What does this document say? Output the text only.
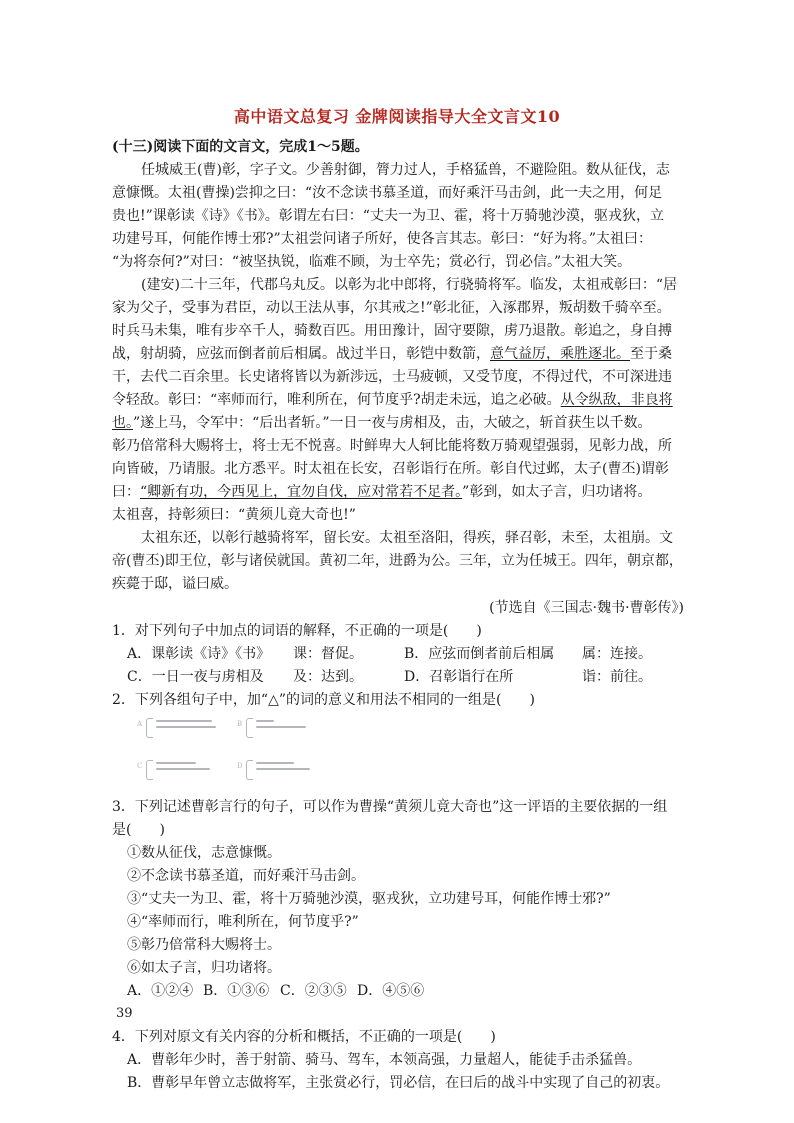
高中语文总复习 金牌阅读指导大全文言文10
(十三)阅读下面的文言文，完成1～5题。
任城威王(曹)彰，字子文。少善射御，膂力过人，手格猛兽，不避险阻。数从征伐，志
意慷慨。太祖(曹操)尝抑之曰：“汝不念读书慕圣道，而好乘汗马击剑，此一夫之用，何足
贵也!”课彰读《诗》《书》。彰谓左右曰：“丈夫一为卫、霍，将十万骑驰沙漠，驱戎狄，立
功建号耳，何能作博士邪?”太祖尝问诸子所好，使各言其志。彰曰：“好为将。”太祖曰：
“为将奈何?”对曰：“被坚执锐，临难不顾，为士卒先；赏必行，罚必信。”太祖大笑。
(建安)二十三年，代郡乌丸反。以彰为北中郎将，行骁骑将军。临发，太祖戒彰曰：“居
家为父子，受事为君臣，动以王法从事，尔其戒之!”彰北征，入涿郡界，叛胡数千骑卒至。
时兵马未集，唯有步卒千人，骑数百匹。用田豫计，固守要隙，虏乃退散。彰追之，身自搏
战，射胡骑，应弦而倒者前后相属。战过半日，彰铠中数箭，意气益厉，乘胜逐北。至于桑
干，去代二百余里。长史诸将皆以为新涉远，士马疲顿，又受节度，不得过代，不可深进违
令轻敌。彰曰：“率师而行，唯利所在，何节度乎?胡走未远，追之必破。从令纵敌，非良将
也。”遂上马，令军中：“后出者斩。”一日一夜与虏相及，击，大破之，斩首获生以千数。
彰乃倍常科大赐将士，将士无不悦喜。时鲜卑大人轲比能将数万骑观望强弱，见彰力战，所
向皆破，乃请服。北方悉平。时太祖在长安，召彰诣行在所。彰自代过邺，太子(曹丕)谓彰
曰：“卿新有功，今西见上，宜勿自伐，应对常若不足者。”彰到，如太子言，归功诸将。
太祖喜，持彰须曰：“黄须儿竟大奇也!”
太祖东还，以彰行越骑将军，留长安。太祖至洛阳，得疾，驿召彰，未至，太祖崩。文
帝(曹丕)即王位，彰与诸侯就国。黄初二年，进爵为公。三年，立为任城王。四年，朝京都，
疾薨于邸，谥曰威。
(节选自《三国志·魏书·曹彰传》)
1．对下列句子中加点的词语的解释，不正确的一项是(　　)
A．课彰读《诗》《书》 课：督促。	B．应弦而倒者前后相属 属：连接。
C．一日一夜与虏相及 及：达到。	D．召彰诣行在所	诣：前往。
2．下列各组句子中，加“△”的词的意义和用法不相同的一组是(　　)
A	B
C	D
3．下列记述曹彰言行的句子，可以作为曹操“黄须儿竟大奇也”这一评语的主要依据的一组
是(　　)
①数从征伐，志意慷慨。
②不念读书慕圣道，而好乘汗马击剑。
③“丈夫一为卫、霍，将十万骑驰沙漠，驱戎狄，立功建号耳，何能作博士邪?”
④“率师而行，唯利所在，何节度乎?”
⑤彰乃倍常科大赐将士。
⑥如太子言，归功诸将。
A．①②④ B．①③⑥ C．②③⑤ D．④⑤⑥
39
4．下列对原文有关内容的分析和概括，不正确的一项是(　　)
A．曹彰年少时，善于射箭、骑马、驾车，本领高强，力量超人，能徒手击杀猛兽。
B．曹彰早年曾立志做将军，主张赏必行，罚必信，在曰后的战斗中实现了自己的初衷。
